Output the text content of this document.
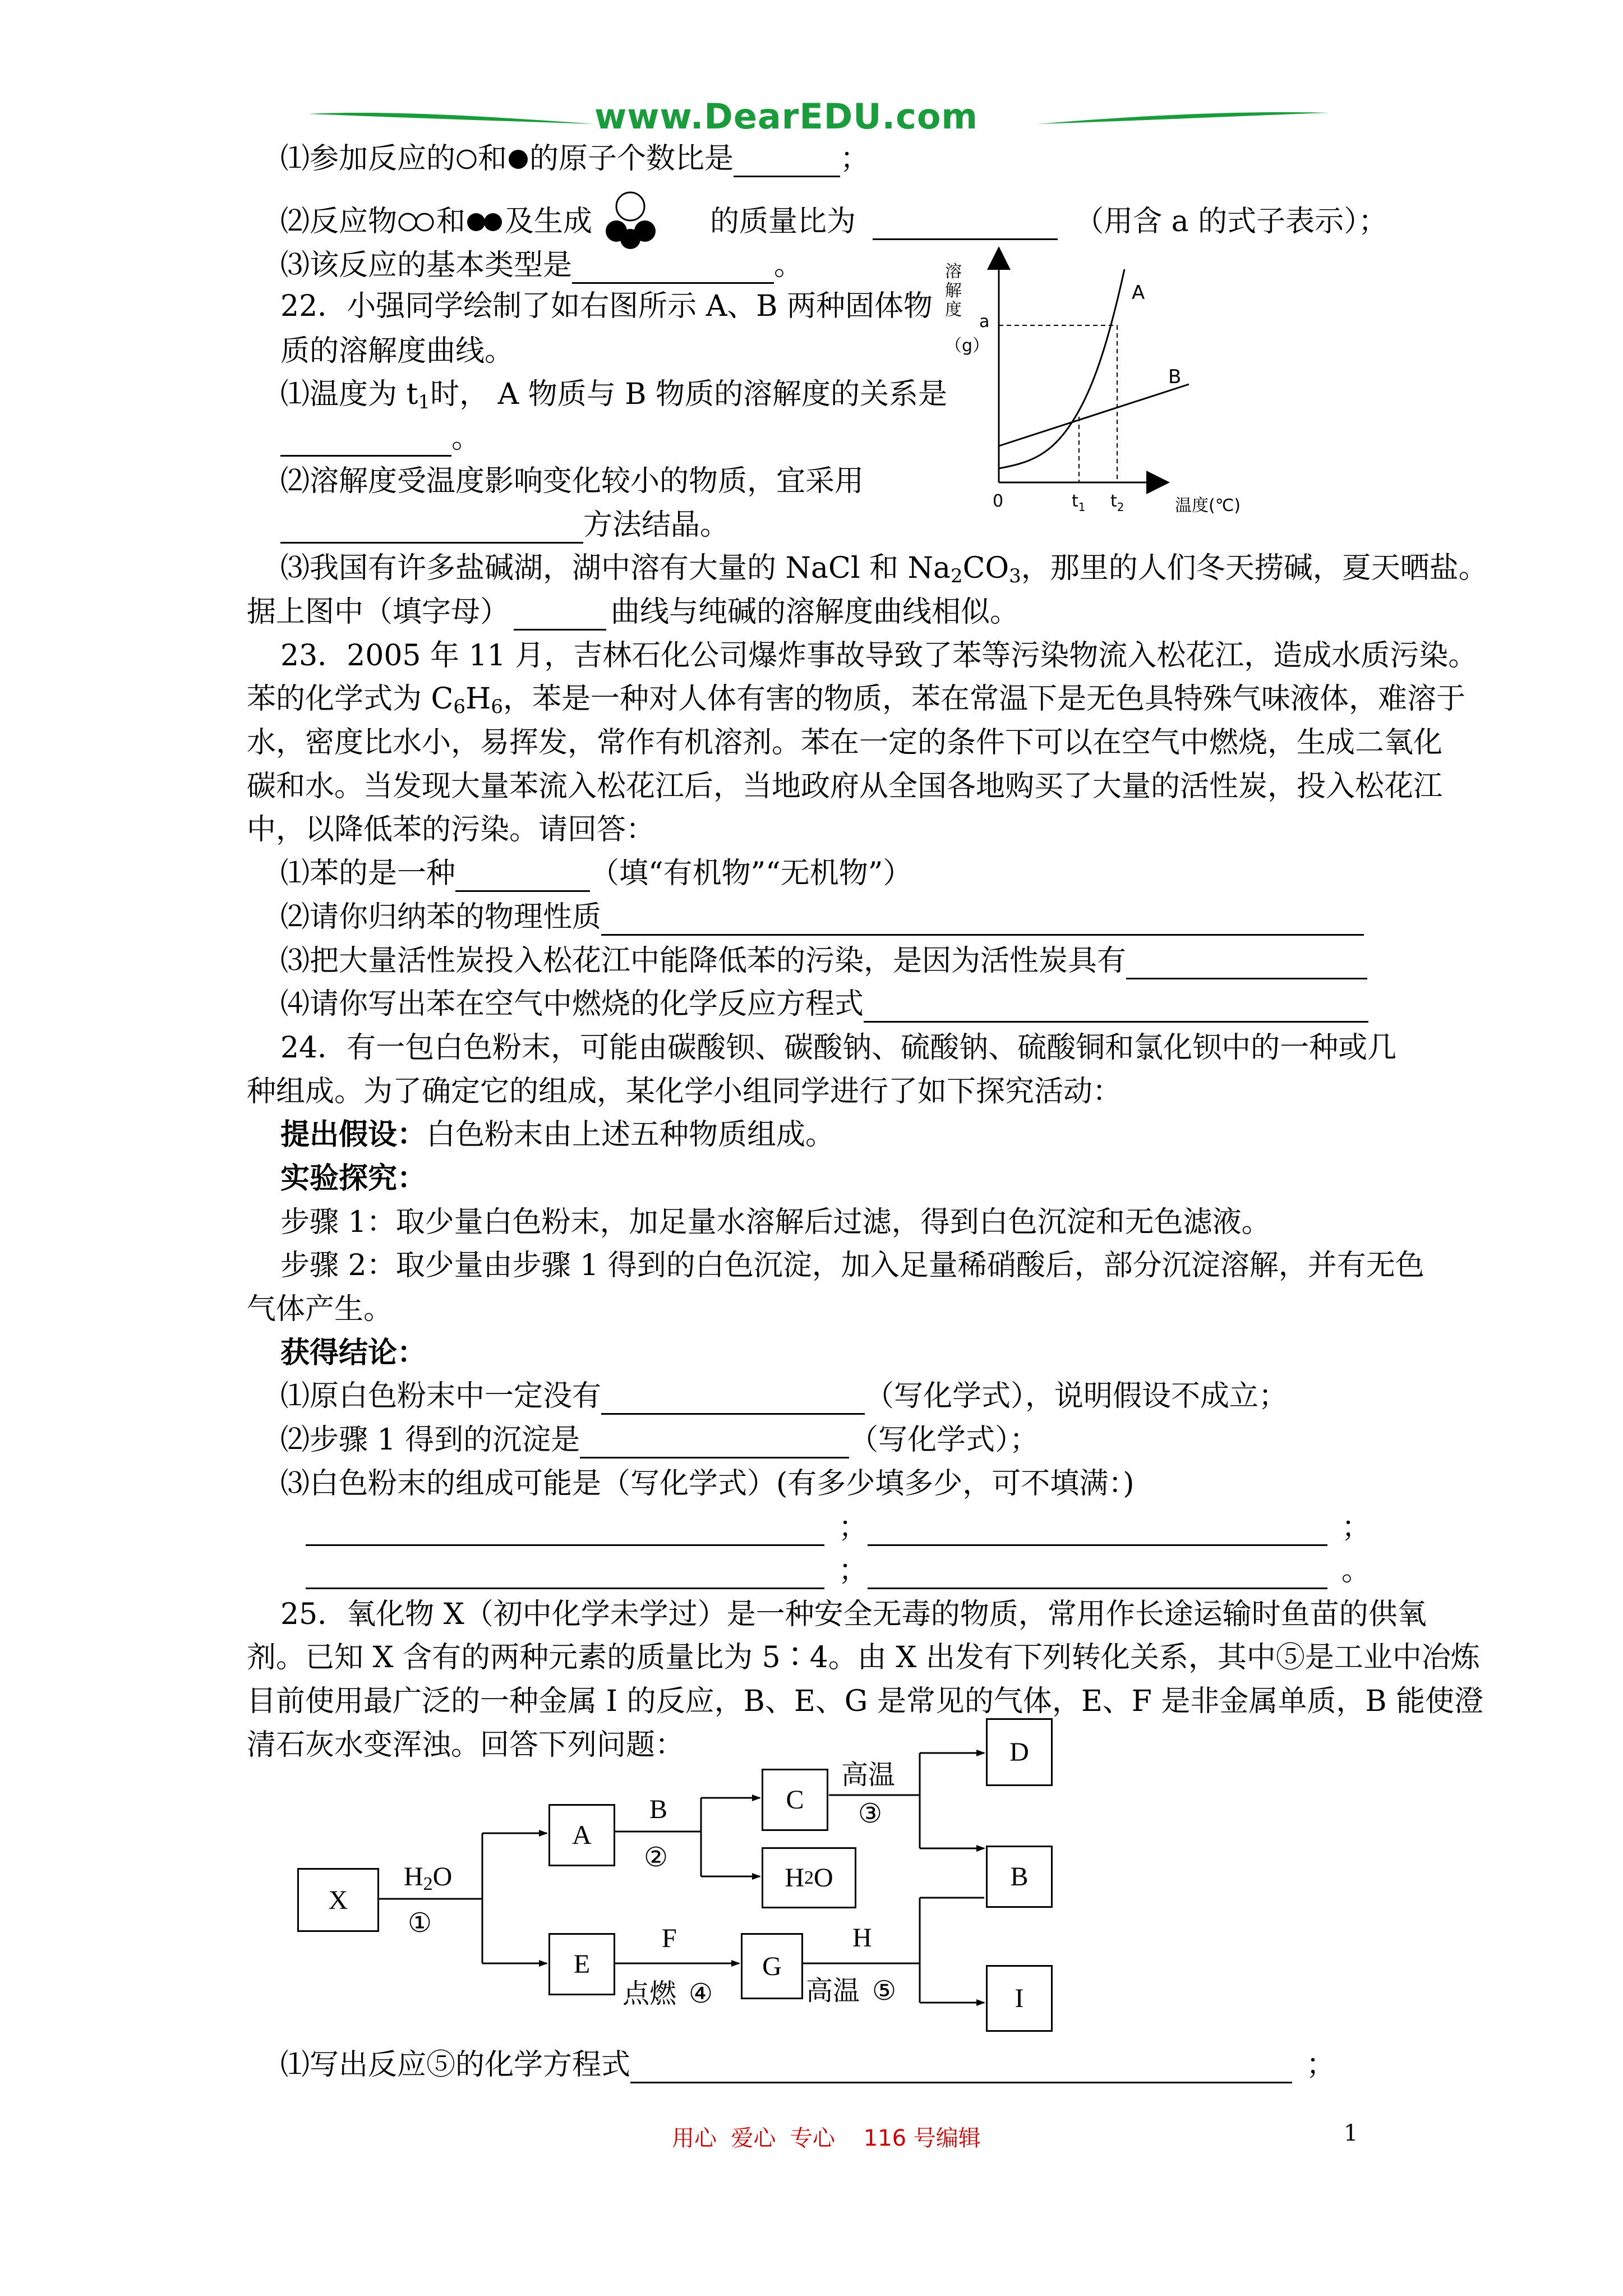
www.DearEDU.com
⑴参加反应的 和 的原子个数比是	；
⑵反应物 和 及生成	的质量比为	（用含 a 的式子表示）；
⑶该反应的基本类型是	。
22．小强同学绘制了如右图所示 A、B 两种固体物
质的溶解度曲线。
⑴温度为 $t_1$时， A 物质与 B 物质的溶解度的关系是
。
⑵溶解度受温度影响变化较小的物质，宜采用
方法结晶。
溶
解
度
（g）
a
A
B
0	$t_1$ $t_2$	温度(℃)
⑶我国有许多盐碱湖，湖中溶有大量的 NaCl 和 $Na_2CO_3$，那里的人们冬天捞碱，夏天晒盐。
据上图中（填字母）	曲线与纯碱的溶解度曲线相似。
23．2005 年 11 月，吉林石化公司爆炸事故导致了苯等污染物流入松花江，造成水质污染。
苯的化学式为 $C_6H_6$，苯是一种对人体有害的物质，苯在常温下是无色具特殊气味液体，难溶于
水，密度比水小，易挥发，常作有机溶剂。苯在一定的条件下可以在空气中燃烧，生成二氧化
碳和水。当发现大量苯流入松花江后，当地政府从全国各地购买了大量的活性炭，投入松花江
中，以降低苯的污染。请回答：
⑴苯的是一种	（填“有机物”“无机物”）
⑵请你归纳苯的物理性质
⑶把大量活性炭投入松花江中能降低苯的污染，是因为活性炭具有
⑷请你写出苯在空气中燃烧的化学反应方程式
24．有一包白色粉末，可能由碳酸钡、碳酸钠、硫酸钠、硫酸铜和氯化钡中的一种或几
种组成。为了确定它的组成，某化学小组同学进行了如下探究活动：
提出假设：白色粉末由上述五种物质组成。
实验探究：
步骤 1：取少量白色粉末，加足量水溶解后过滤，得到白色沉淀和无色滤液。
步骤 2：取少量由步骤 1 得到的白色沉淀，加入足量稀硝酸后，部分沉淀溶解，并有无色
气体产生。
获得结论：
⑴原白色粉末中一定没有	（写化学式），说明假设不成立；
⑵步骤 1 得到的沉淀是	（写化学式）；
⑶白色粉末的组成可能是（写化学式）(有多少填多少，可不填满：)
；	；
；	。
25．氧化物 X（初中化学未学过）是一种安全无毒的物质，常用作长途运输时鱼苗的供氧
剂。已知 X 含有的两种元素的质量比为 5∶4。由 X 出发有下列转化关系，其中⑤是工业中冶炼
目前使用最广泛的一种金属 I 的反应，B、E、G 是常见的气体，E、F 是非金属单质，B 能使澄
清石灰水变浑浊。回答下列问题：
X
A
C
H 2 O
D
B
E	G
I
$H_2O$
①
B
②
高温
③
F
点燃 ④
H
高温 ⑤
⑴写出反应⑤的化学方程式	；
用心  爱心  专心    116 号编辑	1
